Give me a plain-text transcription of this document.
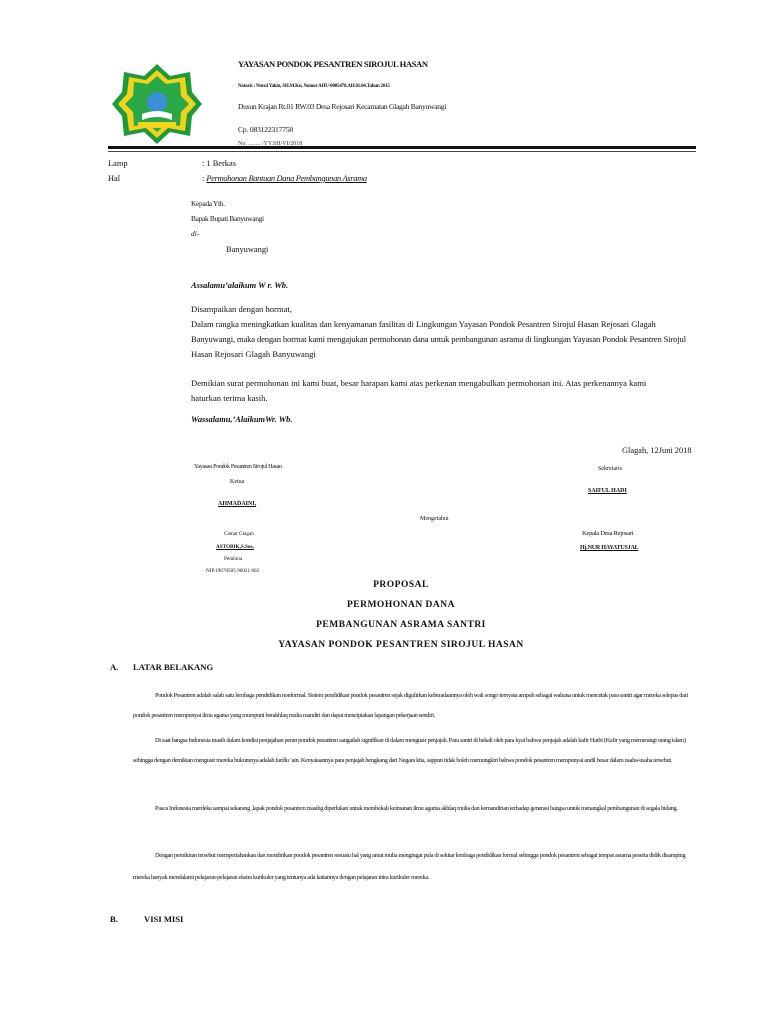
YAYASAN PONDOK PESANTREN SIROJUL HASAN
Notaris : Nurul Yakin, SH.M.Kn, Nomor AHU-0005478.AH.01.04.Tahun 2015
Dusun Krajan Rt.01 RW.03 Desa Rejosari Kecamatan Glagah Banyuwangi
Cp. 083122317758
No. ........ /YY.SH/VI/2018
Lamp	: 1 Berkas
Hal	: Permohonan Bantuan Dana Pembangunan Asrama
Kepada Yth.
Bapak Bupati Banyuwangi
di-
Banyuwangi
Assalamu’alaikum W r. Wb.
Disampaikan dengan hormat,
Dalam rangka meningkatkan kualitas dan kenyamanan fasilitas di Lingkungan Yayasan Pondok Pesantren Sirojul Hasan Rejosari Glagah
Banyuwangi, maka dengan hormat kami mengajukan permohonan dana untuk pembangunan asrama di lingkungan Yayasan Pondok Pesantren Sirojul
Hasan Rejosari Glagah Banyuwangi
Demikian surat permohonan ini kami buat, besar harapan kami atas perkenan mengabulkan permohonan ini. Atas perkenannya kami
haturkan terima kasih.
Wassalamu,’AlaikumWr. Wb.
Glagah, 12Juni 2018
Yayasan Pondok Pesantren Sirojul Hasan
Ketua
AHMADAINI,
Sekretaris
SAIFUL HADI
Mengetahui
Camat Glagah
ASTOBIK,S.Sos,
Pembina
NIP.19670505 90021 002
Kepala Desa Rejosari
Hj.NUR HAYATUSJAL
PROPOSAL
PERMOHONAN DANA
PEMBANGUNAN ASRAMA SANTRI
YAYASAN PONDOK PESANTREN SIROJUL HASAN
A. LATAR BELAKANG
Pondok Pesantren adalah salah satu lembaga pendidikan nonformal. Sistem pendidikan pondok pesantren sejak digulirkan keberadaannya oleh wali songo ternyata ampuh sebagai wahana untuk mencetak para santri agar mereka selepas dari pondok pesantren mempunyai ilmu agama yang mumpuni berakhlaq mulia mandiri dan dapat menciptakan lapangan pekerjaan sendiri.
Di saat bangsa Indonesia masih dalam kondisi penjajahan peran pondok pesantren sangatlah signifikan di dalam mengusir penjajah. Para santri di bekali oleh para kyai bahwa penjajah adalah kafir Harbi (Kafir yang memerangi orang islam) sehingga dengan demikian mengusir mereka hukumnya adalah fardlu ‘ain. Kenyataannya para penjajah hengkang dari Negara kita, sappun tidak boleh memungkiri bahwa pondok pesantren mempunyai andil besar dalam usaha-usaha tersebut.
Pasca Indonesia merdeka sampai sekarang ,lapak pondok pesantren masihg diperlukan untuk membekali keimanan ilmu agama akhlaq mulia dan kemandirian terhadap generasi bangsa untuk menangkal pembangunan di segala bidang.
Dengan pemikiran tersebut mempertahankan dan mendirikan pondok pesantren sesuatu hal yang amat mulia mengingat pula di sekitar lembaga pendidikan formal sehingga pondok pesantren sebagai tempat asrama peserta didik disamping mereka banyak mendalami pelajaran-pelajaran ekstra kurikuler yang tentunya ada kaitannya dengan pelajaran intra kurikuler mereka.
B.	VISI MISI
